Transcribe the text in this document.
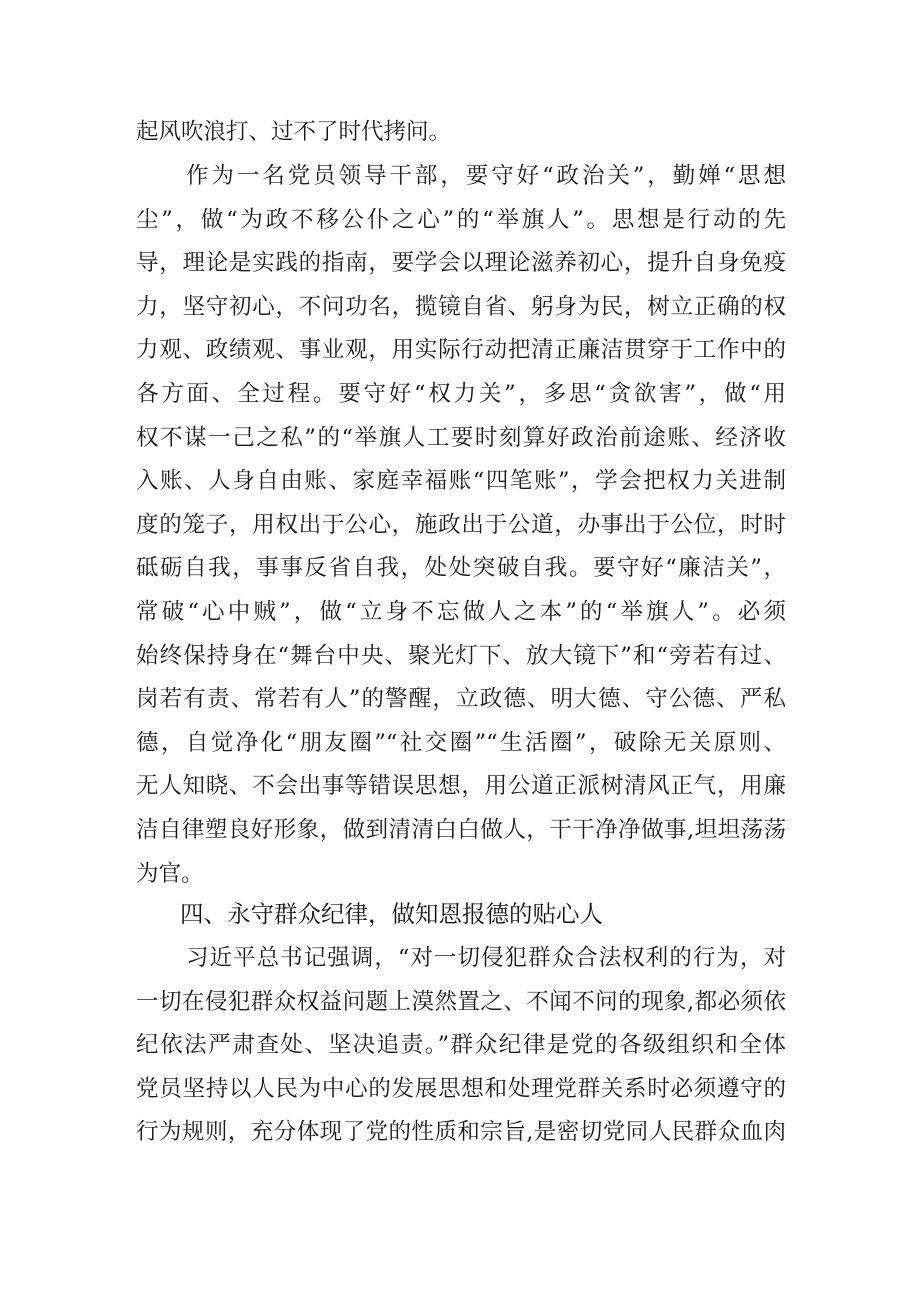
起风吹浪打、过不了时代拷问。
作为一名党员领导干部，要守好“政治关”，勤婵“思想
尘”，做“为政不移公仆之心”的“举旗人”。思想是行动的先
导，理论是实践的指南，要学会以理论滋养初心，提升自身免疫
力，坚守初心，不问功名，揽镜自省、躬身为民，树立正确的权
力观、政绩观、事业观，用实际行动把清正廉洁贯穿于工作中的
各方面、全过程。要守好“权力关”，多思“贪欲害”，做“用
权不谋一己之私”的“举旗人工要时刻算好政治前途账、经济收
入账、人身自由账、家庭幸福账“四笔账”，学会把权力关进制
度的笼子，用权出于公心，施政出于公道，办事出于公位，时时
砥砺自我，事事反省自我，处处突破自我。要守好“廉洁关”，
常破“心中贼”，做“立身不忘做人之本”的“举旗人”。必须
始终保持身在“舞台中央、聚光灯下、放大镜下”和“旁若有过、
岗若有责、常若有人”的警醒，立政德、明大德、守公德、严私
德，自觉净化“朋友圈”“社交圈”“生活圈”，破除无关原则、
无人知晓、不会出事等错误思想，用公道正派树清风正气，用廉
洁自律塑良好形象，做到清清白白做人，干干净净做事,坦坦荡荡
为官。
四、永守群众纪律，做知恩报德的贴心人
习近平总书记强调，“对一切侵犯群众合法权利的行为，对
一切在侵犯群众权益问题上漠然置之、不闻不问的现象,都必须依
纪依法严肃查处、坚决追责。”群众纪律是党的各级组织和全体
党员坚持以人民为中心的发展思想和处理党群关系时必须遵守的
行为规则，充分体现了党的性质和宗旨,是密切党同人民群众血肉
